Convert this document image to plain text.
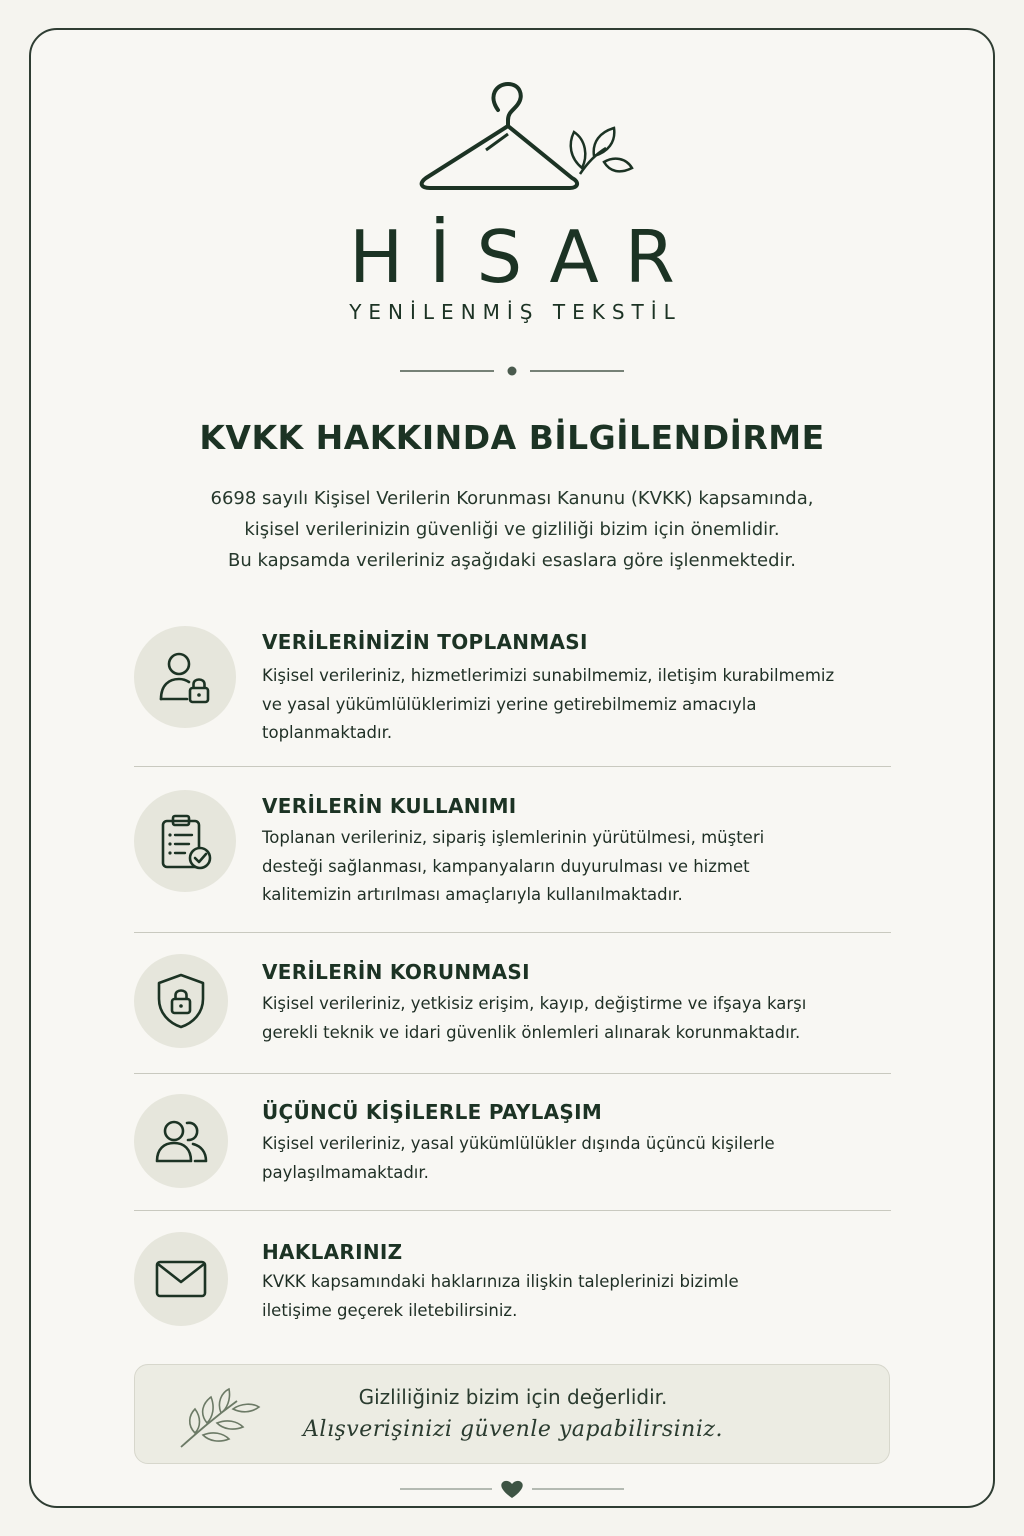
HİSAR
YENİLENMİŞ TEKSTİL
KVKK HAKKINDA BİLGİLENDİRME
6698 sayılı Kişisel Verilerin Korunması Kanunu (KVKK) kapsamında,
kişisel verilerinizin güvenliği ve gizliliği bizim için önemlidir.
Bu kapsamda verileriniz aşağıdaki esaslara göre işlenmektedir.
VERİLERİNİZİN TOPLANMASI
Kişisel verileriniz, hizmetlerimizi sunabilmemiz, iletişim kurabilmemiz
ve yasal yükümlülüklerimizi yerine getirebilmemiz amacıyla
toplanmaktadır.
VERİLERİN KULLANIMI
Toplanan verileriniz, sipariş işlemlerinin yürütülmesi, müşteri
desteği sağlanması, kampanyaların duyurulması ve hizmet
kalitemizin artırılması amaçlarıyla kullanılmaktadır.
VERİLERİN KORUNMASI
Kişisel verileriniz, yetkisiz erişim, kayıp, değiştirme ve ifşaya karşı
gerekli teknik ve idari güvenlik önlemleri alınarak korunmaktadır.
ÜÇÜNCÜ KİŞİLERLE PAYLAŞIM
Kişisel verileriniz, yasal yükümlülükler dışında üçüncü kişilerle
paylaşılmamaktadır.
HAKLARINIZ
KVKK kapsamındaki haklarınıza ilişkin taleplerinizi bizimle
iletişime geçerek iletebilirsiniz.
Gizliliğiniz bizim için değerlidir.
Alışverişinizi güvenle yapabilirsiniz.
